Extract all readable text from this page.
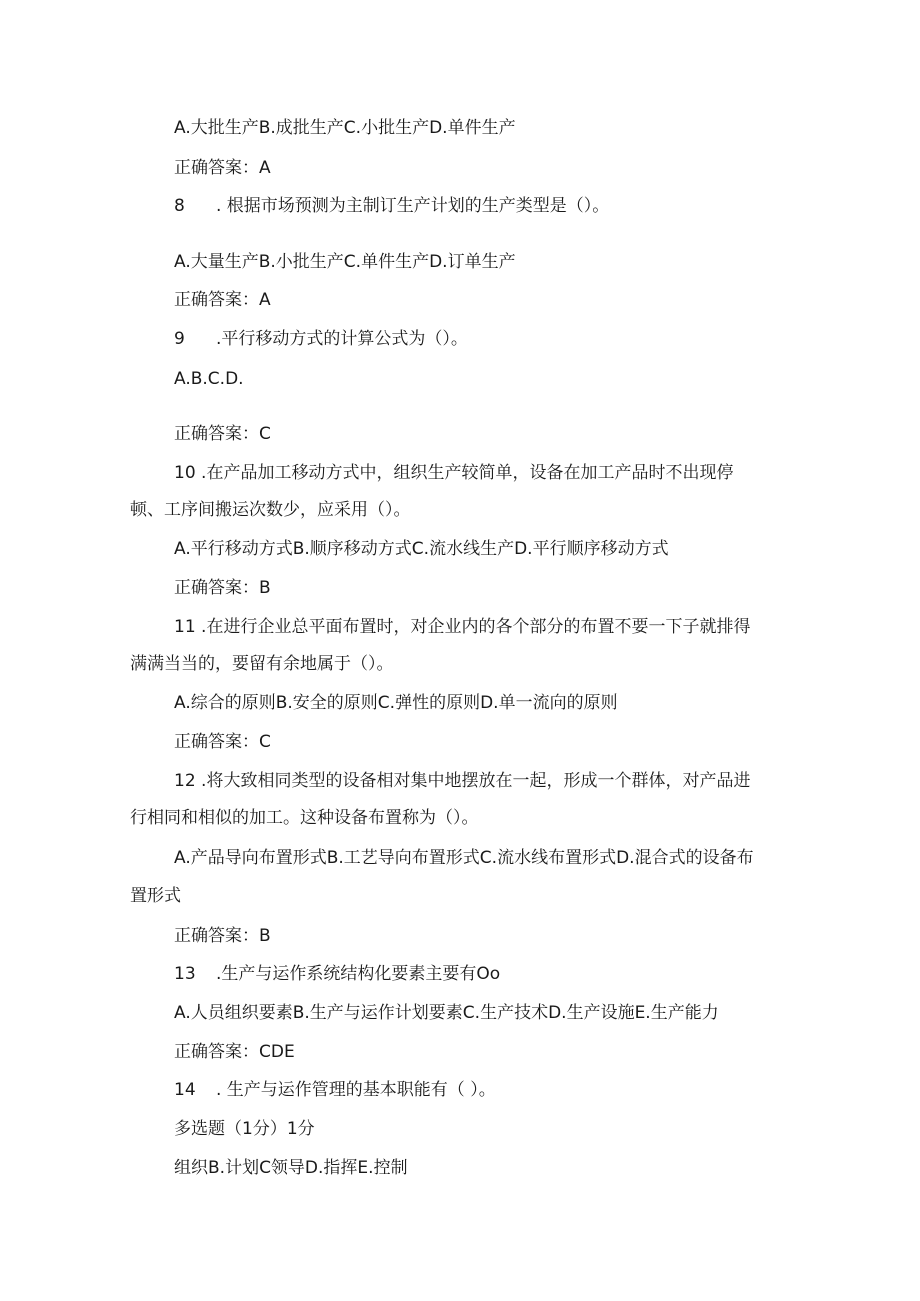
A.大批生产B.成批生产C.小批生产D.单件生产
正确答案：A
8 . 根据市场预测为主制订生产计划的生产类型是（）。
A.大量生产B.小批生产C.单件生产D.订单生产
正确答案：A
9 .平行移动方式的计算公式为（）。
A.B.C.D.
正确答案：C
10 .在产品加工移动方式中，组织生产较简单，设备在加工产品时不出现停
顿、工序间搬运次数少，应采用（）。
A.平行移动方式B.顺序移动方式C.流水线生产D.平行顺序移动方式
正确答案：B
11 .在进行企业总平面布置时，对企业内的各个部分的布置不要一下子就排得
满满当当的，要留有余地属于（）。
A.综合的原则B.安全的原则C.弹性的原则D.单一流向的原则
正确答案：C
12 .将大致相同类型的设备相对集中地摆放在一起，形成一个群体，对产品进
行相同和相似的加工。这种设备布置称为（）。
A.产品导向布置形式B.工艺导向布置形式C.流水线布置形式D.混合式的设备布
置形式
正确答案：B
13 .生产与运作系统结构化要素主要有Oo
A.人员组织要素B.生产与运作计划要素C.生产技术D.生产设施E.生产能力
正确答案：CDE
14 . 生产与运作管理的基本职能有（ ）。
多选题（1分）1分
组织B.计划C领导D.指挥E.控制
